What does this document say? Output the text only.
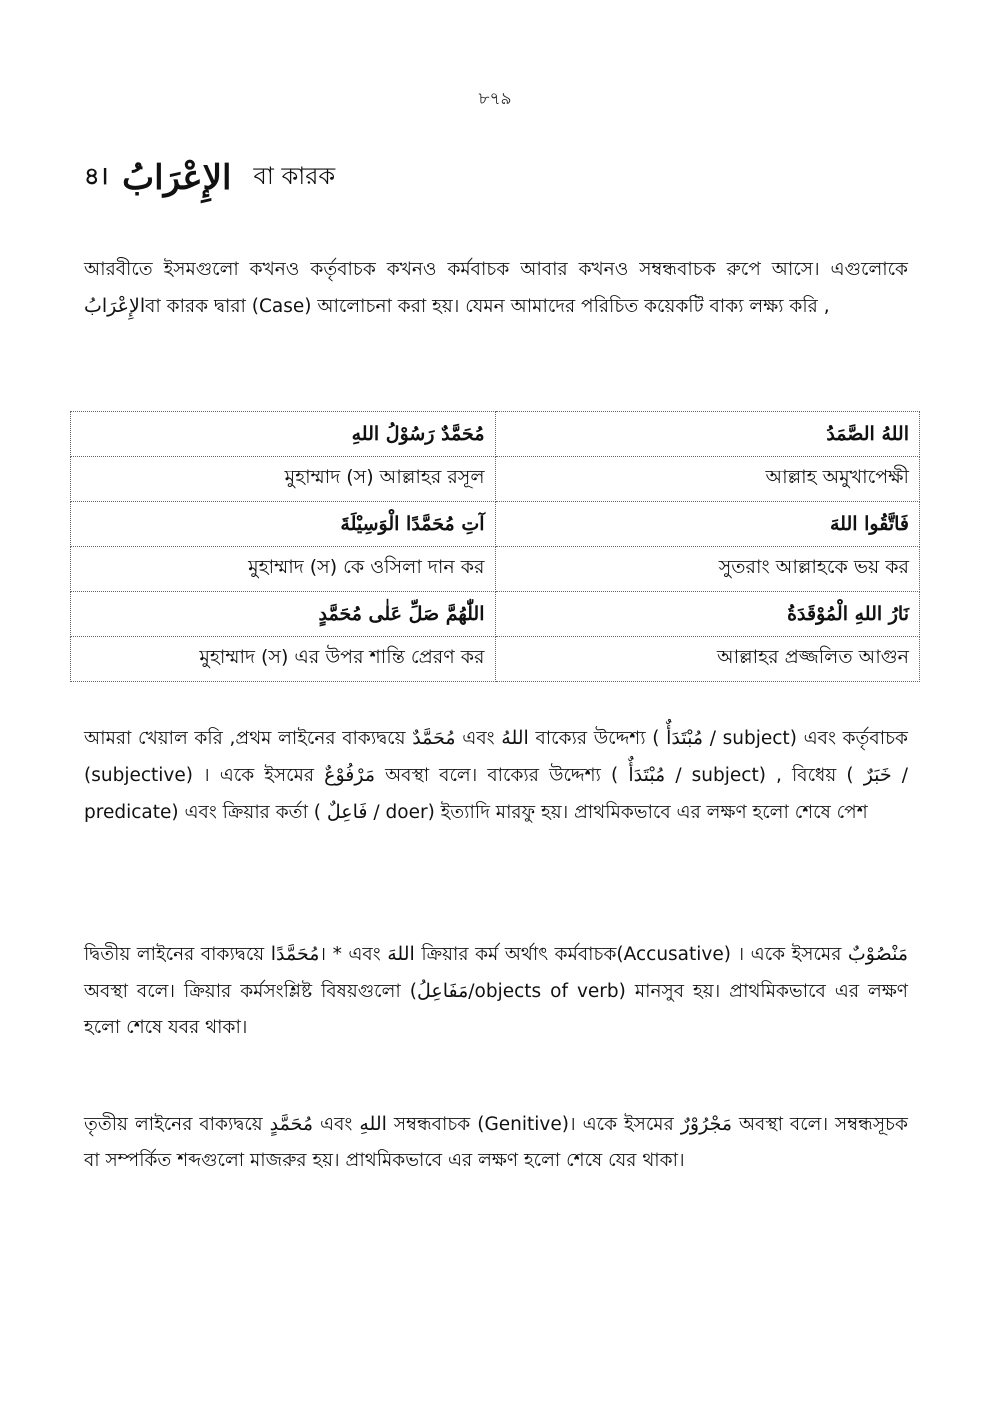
৮৭৯
৪। الإِعْرَابُ বা কারক
আরবীতে ইসমগুলো কখনও কর্তৃবাচক কখনও কর্মবাচক আবার কখনও সম্বন্ধবাচক রুপে আসে। এগুলোকে الإِعْرَابُবা কারক দ্বারা (Case) আলোচনা করা হয়। যেমন আমাদের পরিচিত কয়েকটি বাক্য লক্ষ্য করি ,
مُحَمَّدٌ رَسُوْلُ اللهِ	اللهُ الصَّمَدُ
মুহাম্মাদ (স) আল্লাহর রসূল	আল্লাহ অমুখাপেক্ষী
آتِ مُحَمَّدًا الْوَسِيْلَةَ	فَاتَّقُوا اللهَ
মুহাম্মাদ (স) কে ওসিলা দান কর	সুতরাং আল্লাহকে ভয় কর
اللّٰهُمَّ صَلِّ عَلٰى مُحَمَّدٍ	نَارُ اللهِ الْمُوْقَدَةُ
মুহাম্মাদ (স) এর উপর শান্তি প্রেরণ কর	আল্লাহর প্রজ্জলিত আগুন
আমরা খেয়াল করি ,প্রথম লাইনের বাক্যদ্বয়ে مُحَمَّدٌ এবং اللهُ বাক্যের উদ্দেশ্য ( مُبْتَدَأٌ / subject) এবং কর্তৃবাচক (subjective) । একে ইসমের مَرْفُوْعٌ অবস্থা বলে। বাক্যের উদ্দেশ্য ( مُبْتَدَأٌ / subject) , বিধেয় ( خَبَرٌ / predicate) এবং ক্রিয়ার কর্তা ( فَاعِلٌ / doer) ইত্যাদি মারফু হয়। প্রাথমিকভাবে এর লক্ষণ হলো শেষে পেশ
দ্বিতীয় লাইনের বাক্যদ্বয়ে مُحَمَّدًا। * এবং اللهَ ক্রিয়ার কর্ম অর্থাৎ কর্মবাচক(Accusative) । একে ইসমের مَنْصُوْبٌ অবস্থা বলে। ক্রিয়ার কর্মসংশ্লিষ্ট বিষয়গুলো (مَفَاعِلُ/objects of verb) মানসুব হয়। প্রাথমিকভাবে এর লক্ষণ হলো শেষে যবর থাকা।
তৃতীয় লাইনের বাক্যদ্বয়ে مُحَمَّدٍ এবং اللهِ সম্বন্ধবাচক (Genitive)। একে ইসমের مَجْرُوْرٌ অবস্থা বলে। সম্বন্ধসূচক বা সম্পর্কিত শব্দগুলো মাজরুর হয়। প্রাথমিকভাবে এর লক্ষণ হলো শেষে যের থাকা।
